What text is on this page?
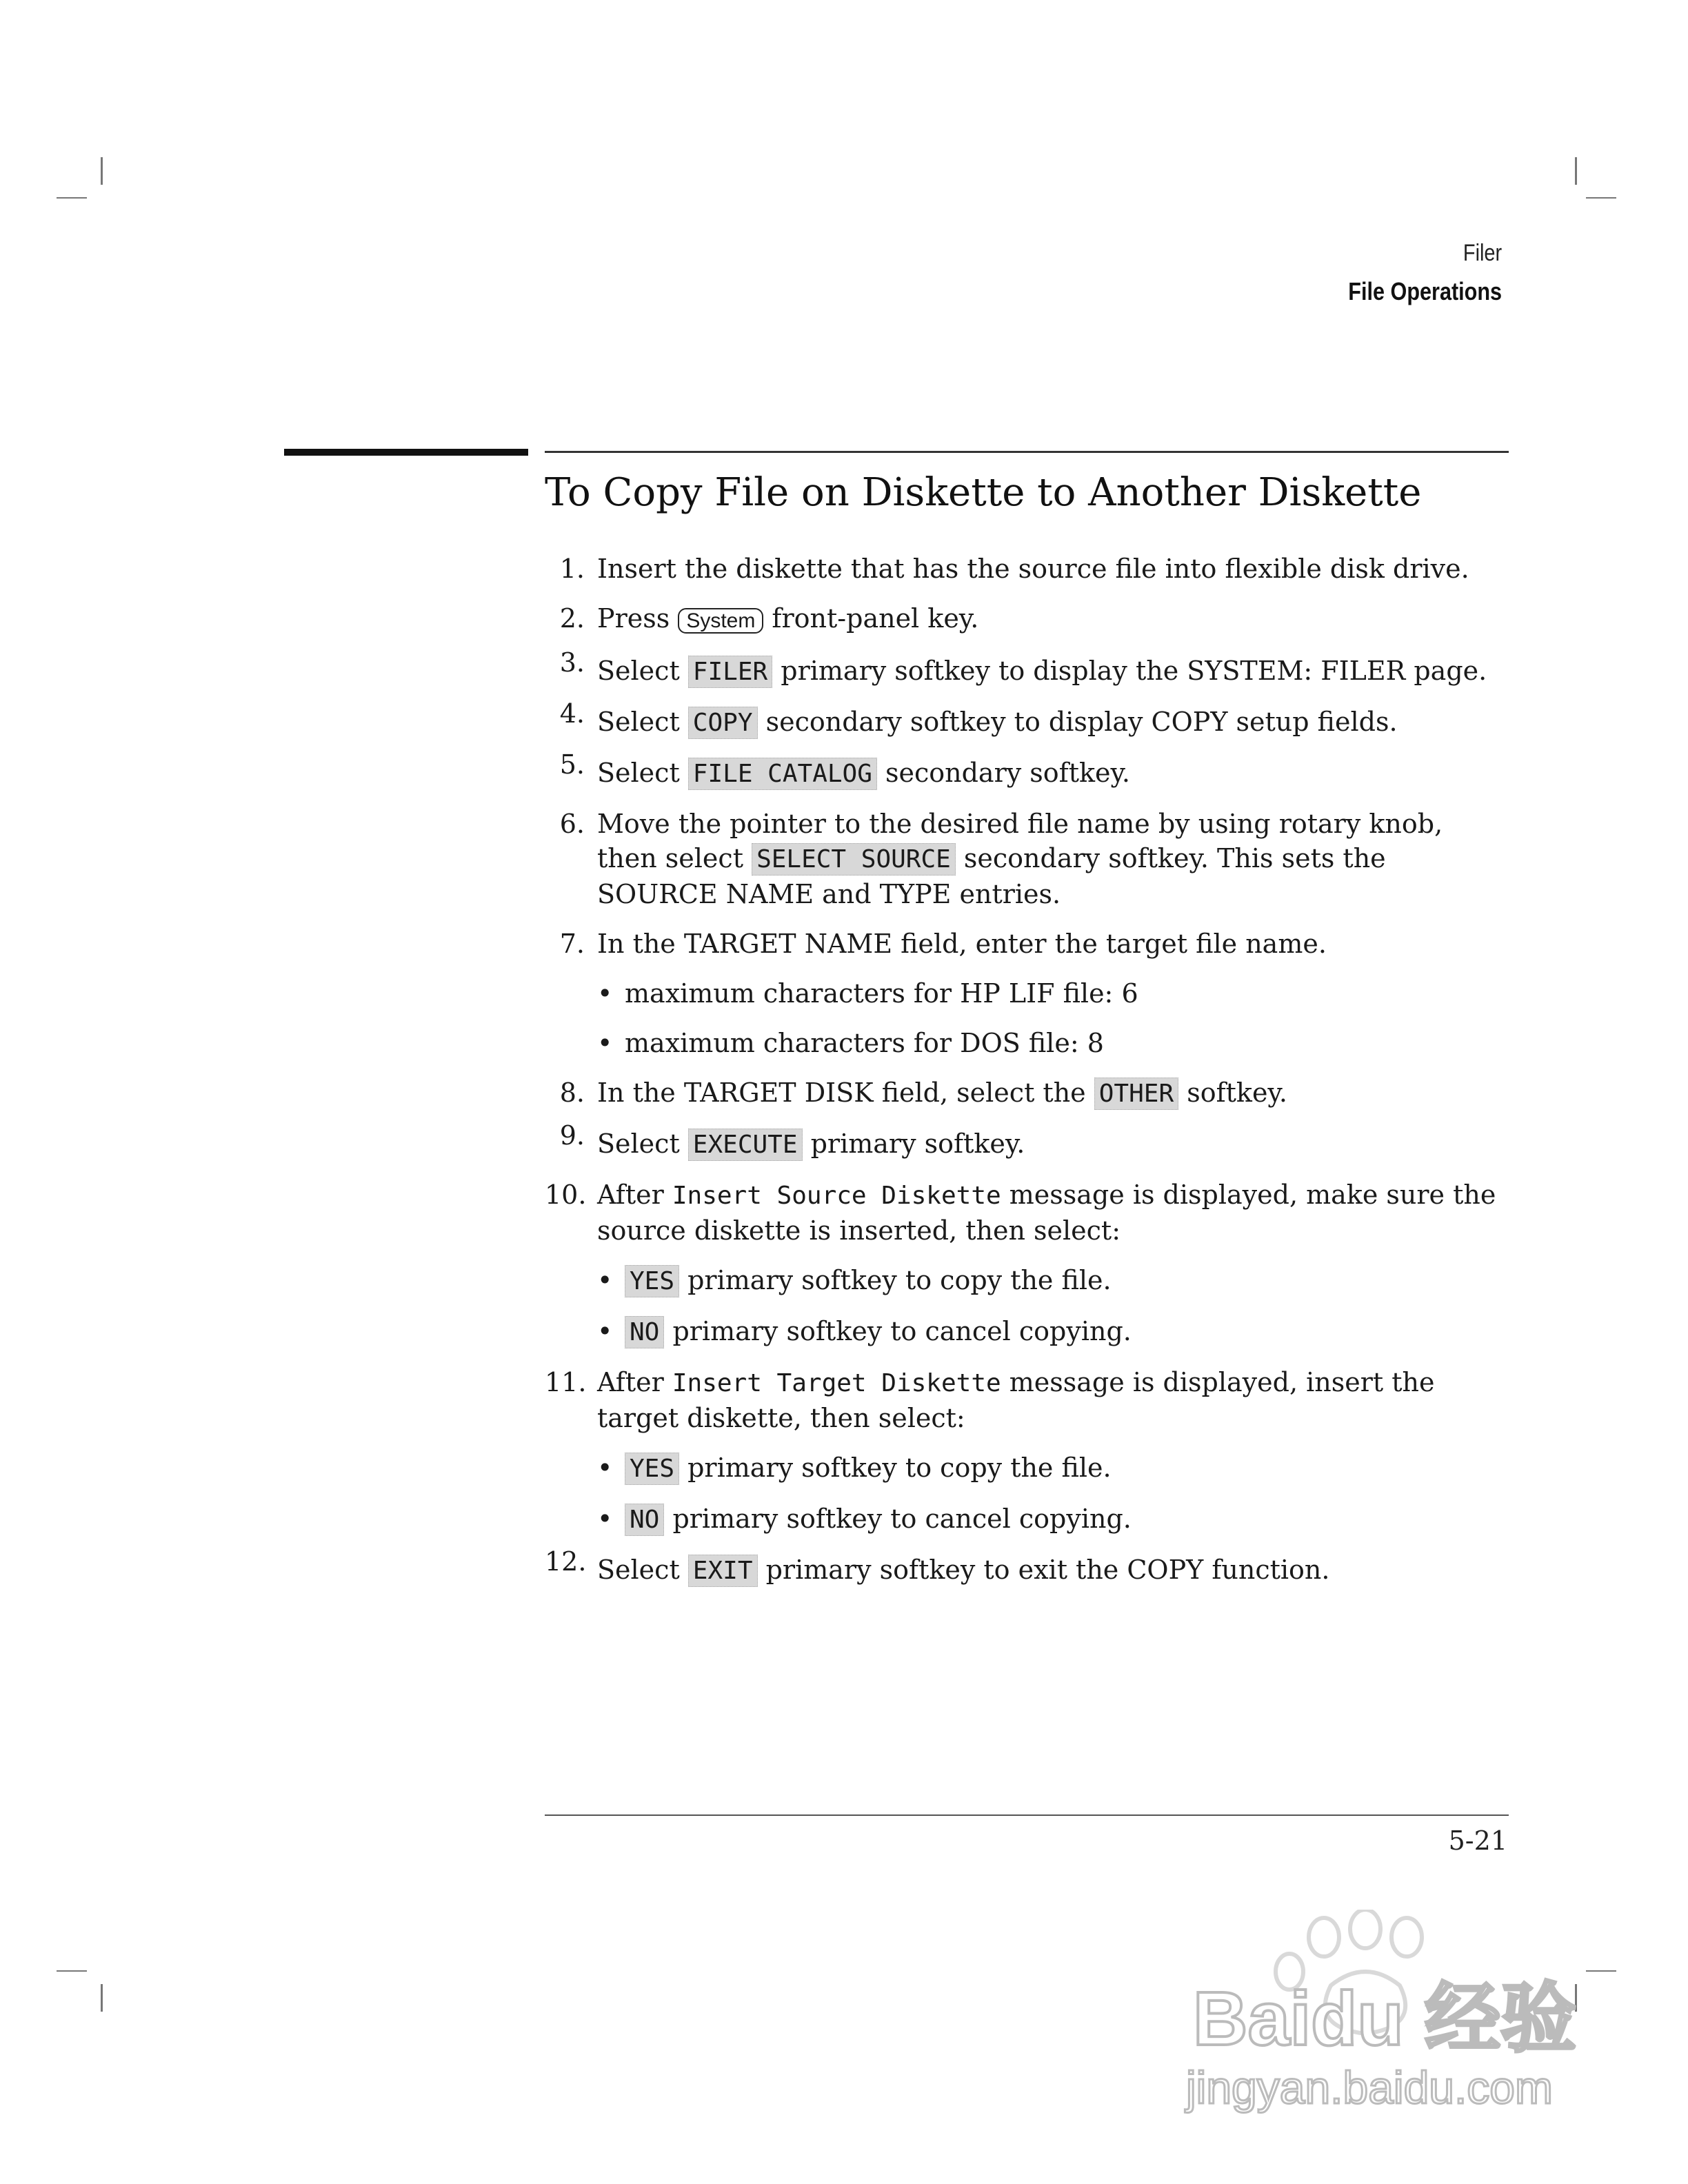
Filer
File Operations
To Copy File on Diskette to Another Diskette
1. Insert the diskette that has the source file into flexible disk drive.
2. Press System front-panel key.
3. Select FILER primary softkey to display the SYSTEM: FILER page.
4. Select COPY secondary softkey to display COPY setup fields.
5. Select FILE CATALOG secondary softkey.
6. Move the pointer to the desired file name by using rotary knob, then select SELECT SOURCE secondary softkey. This sets the SOURCE NAME and TYPE entries.
7. In the TARGET NAME field, enter the target file name.
• maximum characters for HP LIF file: 6
• maximum characters for DOS file: 8
8. In the TARGET DISK field, select the OTHER softkey.
9. Select EXECUTE primary softkey.
10. After Insert Source Diskette message is displayed, make sure the source diskette is inserted, then select:
• YES primary softkey to copy the file.
• NO primary softkey to cancel copying.
11. After Insert Target Diskette message is displayed, insert the target diskette, then select:
• YES primary softkey to copy the file.
• NO primary softkey to cancel copying.
12. Select EXIT primary softkey to exit the COPY function.
5-21
Baidu 经验
jingyan.baidu.com
